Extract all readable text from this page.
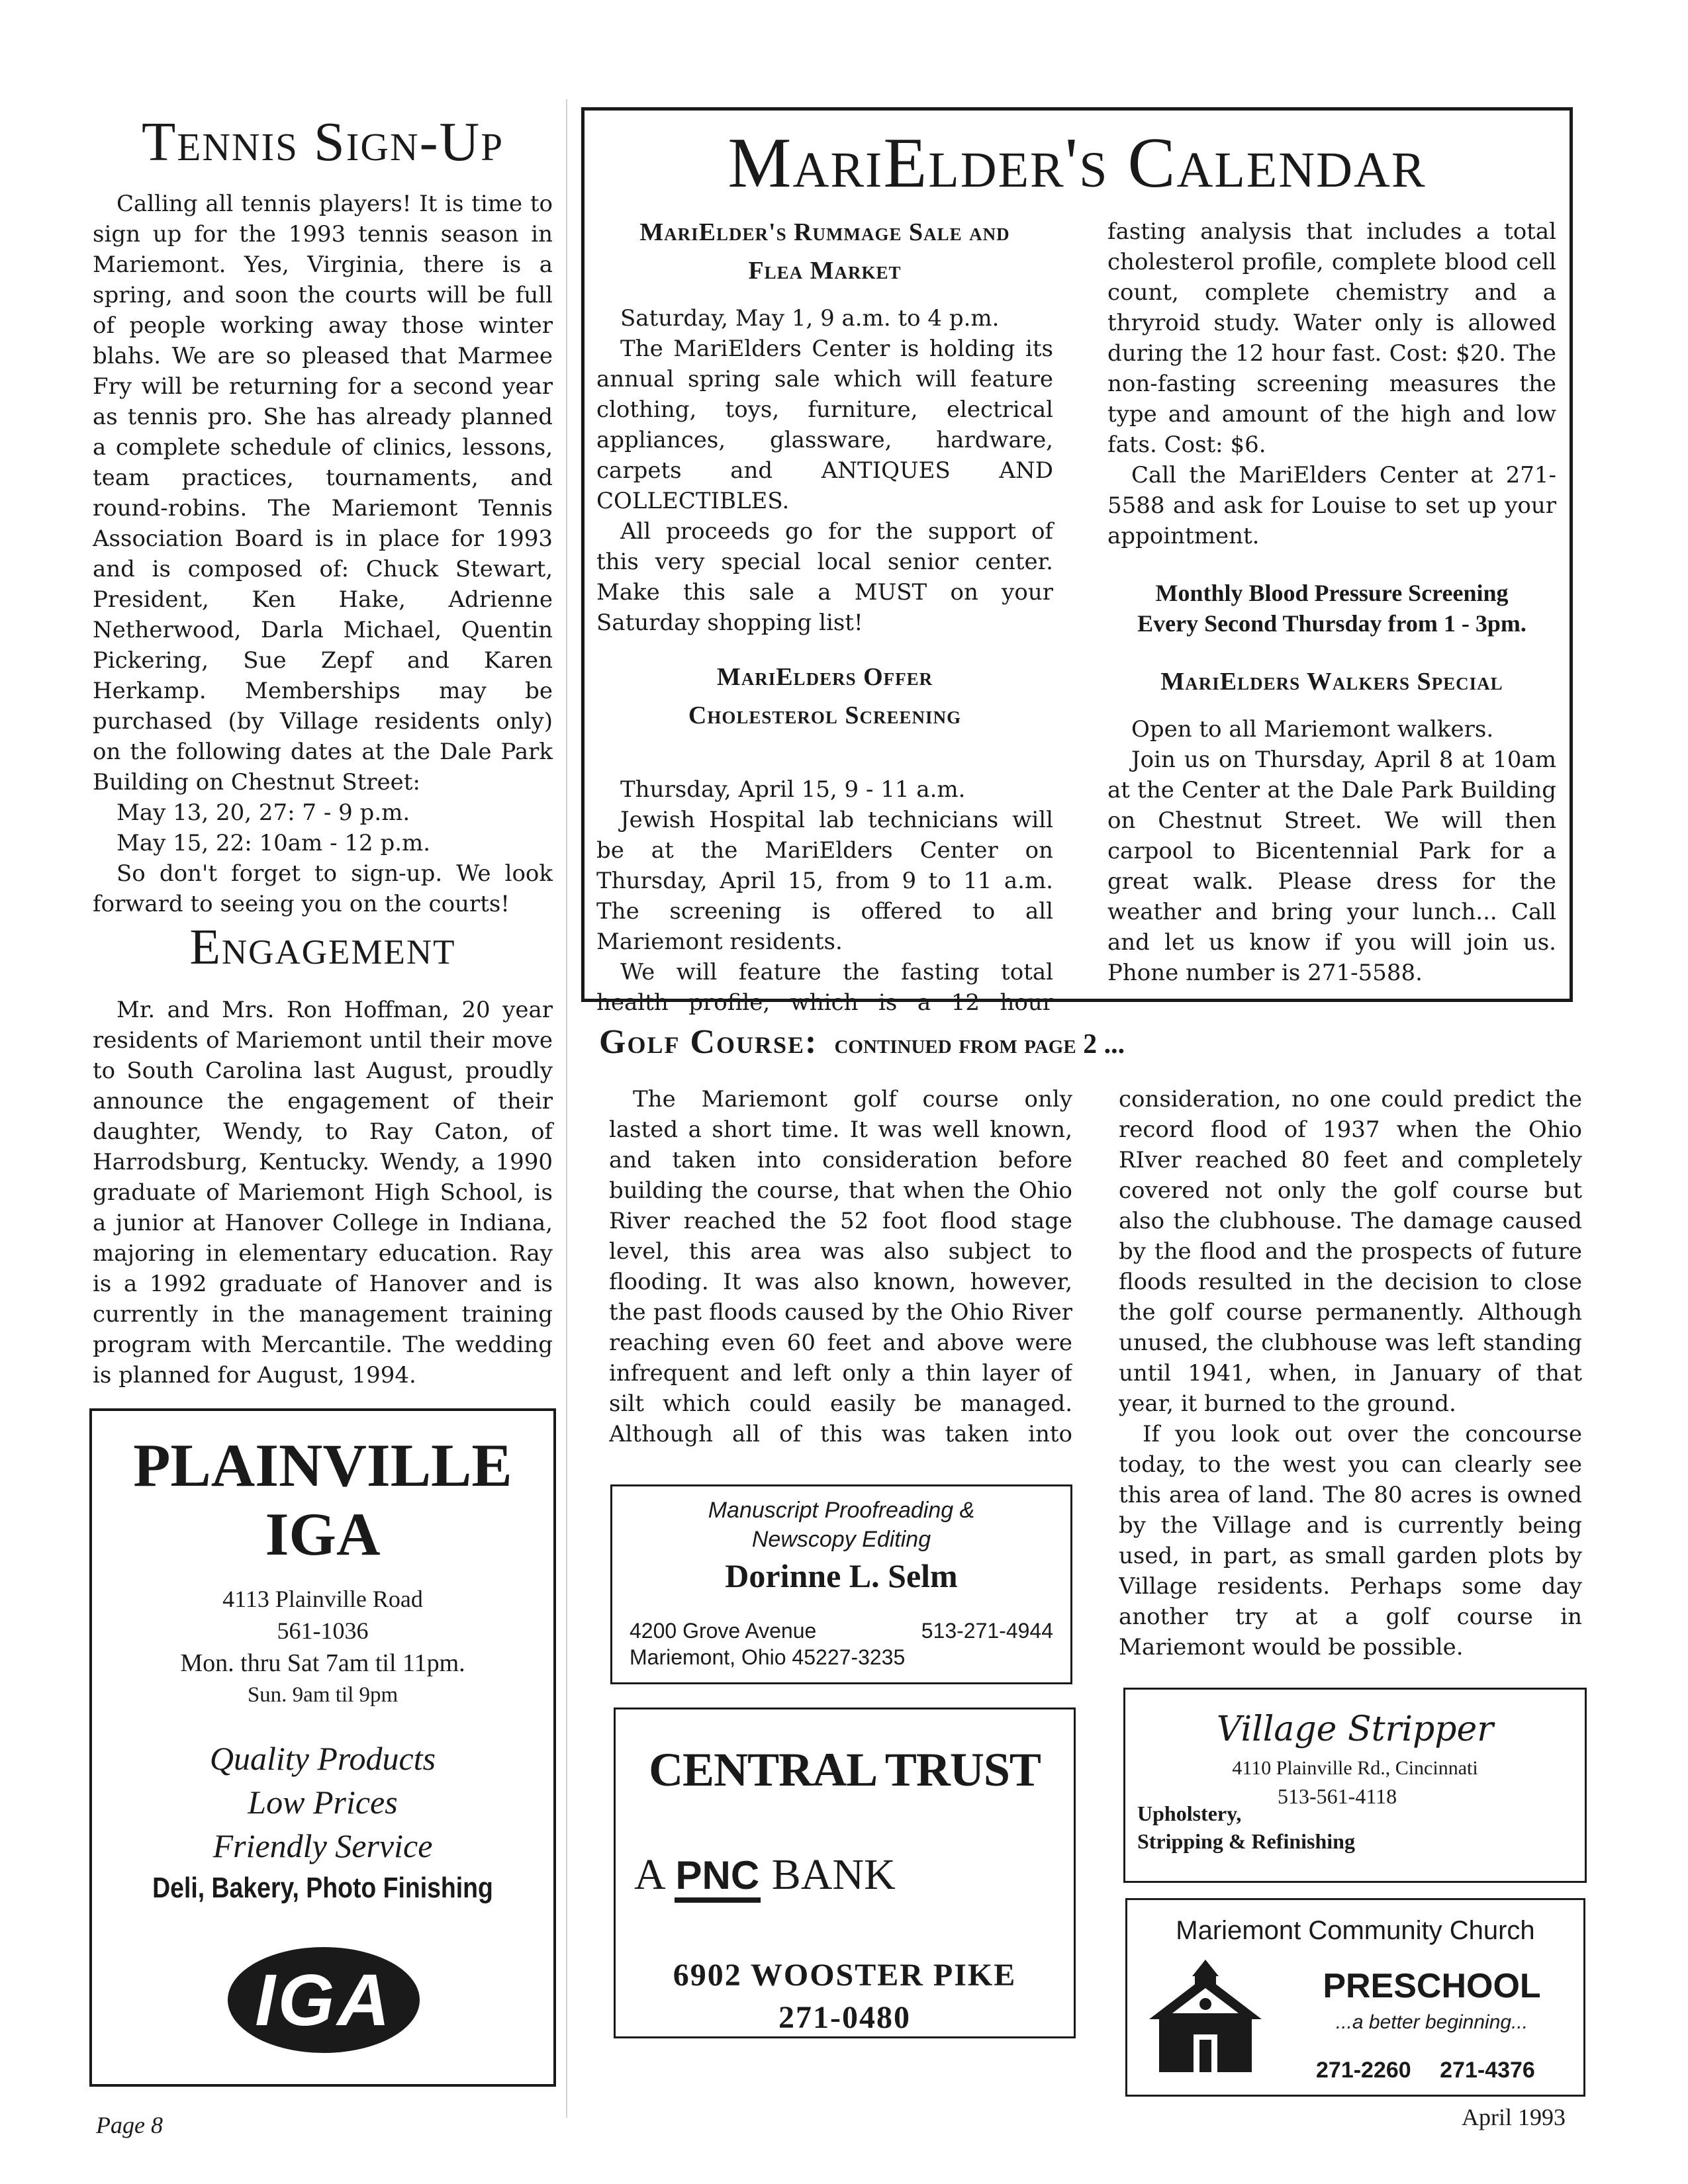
Tennis Sign-Up

Calling all tennis players! It is time to sign up for the 1993 tennis season in Mariemont. Yes, Virginia, there is a spring, and soon the courts will be full of people working away those winter blahs. We are so pleased that Marmee Fry will be returning for a second year as tennis pro. She has already planned a complete schedule of clinics, lessons, team practices, tournaments, and round-robins. The Mariemont Tennis Association Board is in place for 1993 and is composed of: Chuck Stewart, President, Ken Hake, Adrienne Netherwood, Darla Michael, Quentin Pickering, Sue Zepf and Karen Herkamp. Memberships may be purchased (by Village residents only) on the following dates at the Dale Park Building on Chestnut Street:

May 13, 20, 27: 7 - 9 p.m.

May 15, 22: 10am - 12 p.m.

So don't forget to sign-up. We look forward to seeing you on the courts!

Engagement

Mr. and Mrs. Ron Hoffman, 20 year residents of Mariemont until their move to South Carolina last August, proudly announce the engagement of their daughter, Wendy, to Ray Caton, of Harrodsburg, Kentucky. Wendy, a 1990 graduate of Mariemont High School, is a junior at Hanover College in Indiana, majoring in elementary education. Ray is a 1992 graduate of Hanover and is currently in the management training program with Mercantile. The wedding is planned for August, 1994.

PLAINVILLE
IGA
4113 Plainville Road
561-1036
Mon. thru Sat 7am til 11pm.
Sun. 9am til 9pm
Quality Products
Low Prices
Friendly Service
Deli, Bakery, Photo Finishing
IGA
MariElder's Calendar
MariElder's Rummage Sale and
Flea Market

Saturday, May 1, 9 a.m. to 4 p.m.

The MariElders Center is holding its annual spring sale which will feature clothing, toys, furniture, electrical appliances, glassware, hardware, carpets and ANTIQUES AND COLLECTIBLES.

All proceeds go for the support of this very special local senior center. Make this sale a MUST on your Saturday shopping list!

MariElders Offer
Cholesterol Screening

Thursday, April 15, 9 - 11 a.m.

Jewish Hospital lab technicians will be at the MariElders Center on Thursday, April 15, from 9 to 11 a.m. The screening is offered to all Mariemont residents.

We will feature the fasting total health profile, which is a 12 hour

fasting analysis that includes a total cholesterol profile, complete blood cell count, complete chemistry and a thryroid study. Water only is allowed during the 12 hour fast. Cost: $20. The non-fasting screening measures the type and amount of the high and low fats. Cost: $6.

Call the MariElders Center at 271-5588 and ask for Louise to set up your appointment.

Monthly Blood Pressure Screening
Every Second Thursday from 1 - 3pm.
MariElders Walkers Special

Open to all Mariemont walkers.

Join us on Thursday, April 8 at 10am at the Center at the Dale Park Building on Chestnut Street. We will then carpool to Bicentennial Park for a great walk. Please dress for the weather and bring your lunch... Call and let us know if you will join us. Phone number is 271-5588.

Golf Course: continued from page 2 ...

The Mariemont golf course only lasted a short time. It was well known, and taken into consideration before building the course, that when the Ohio River reached the 52 foot flood stage level, this area was also subject to flooding. It was also known, however, the past floods caused by the Ohio River reaching even 60 feet and above were infrequent and left only a thin layer of silt which could easily be managed. Although all of this was taken into

consideration, no one could predict the record flood of 1937 when the Ohio RIver reached 80 feet and completely covered not only the golf course but also the clubhouse. The damage caused by the flood and the prospects of future floods resulted in the decision to close the golf course permanently. Although unused, the clubhouse was left standing until 1941, when, in January of that year, it burned to the ground.

If you look out over the concourse today, to the west you can clearly see this area of land. The 80 acres is owned by the Village and is currently being used, in part, as small garden plots by Village residents. Perhaps some day another try at a golf course in Mariemont would be possible.

Manuscript Proofreading &
Newscopy Editing
Dorinne L. Selm
4200 Grove Avenue	513-271-4944
Mariemont, Ohio 45227-3235
CENTRAL TRUST
A PNC BANK
6902 WOOSTER PIKE
271-0480
Village Stripper
4110 Plainville Rd., Cincinnati
513-561-4118
Upholstery,
Stripping & Refinishing
Mariemont Community Church
PRESCHOOL
...a better beginning...
271-2260 271-4376
Page 8	April 1993
